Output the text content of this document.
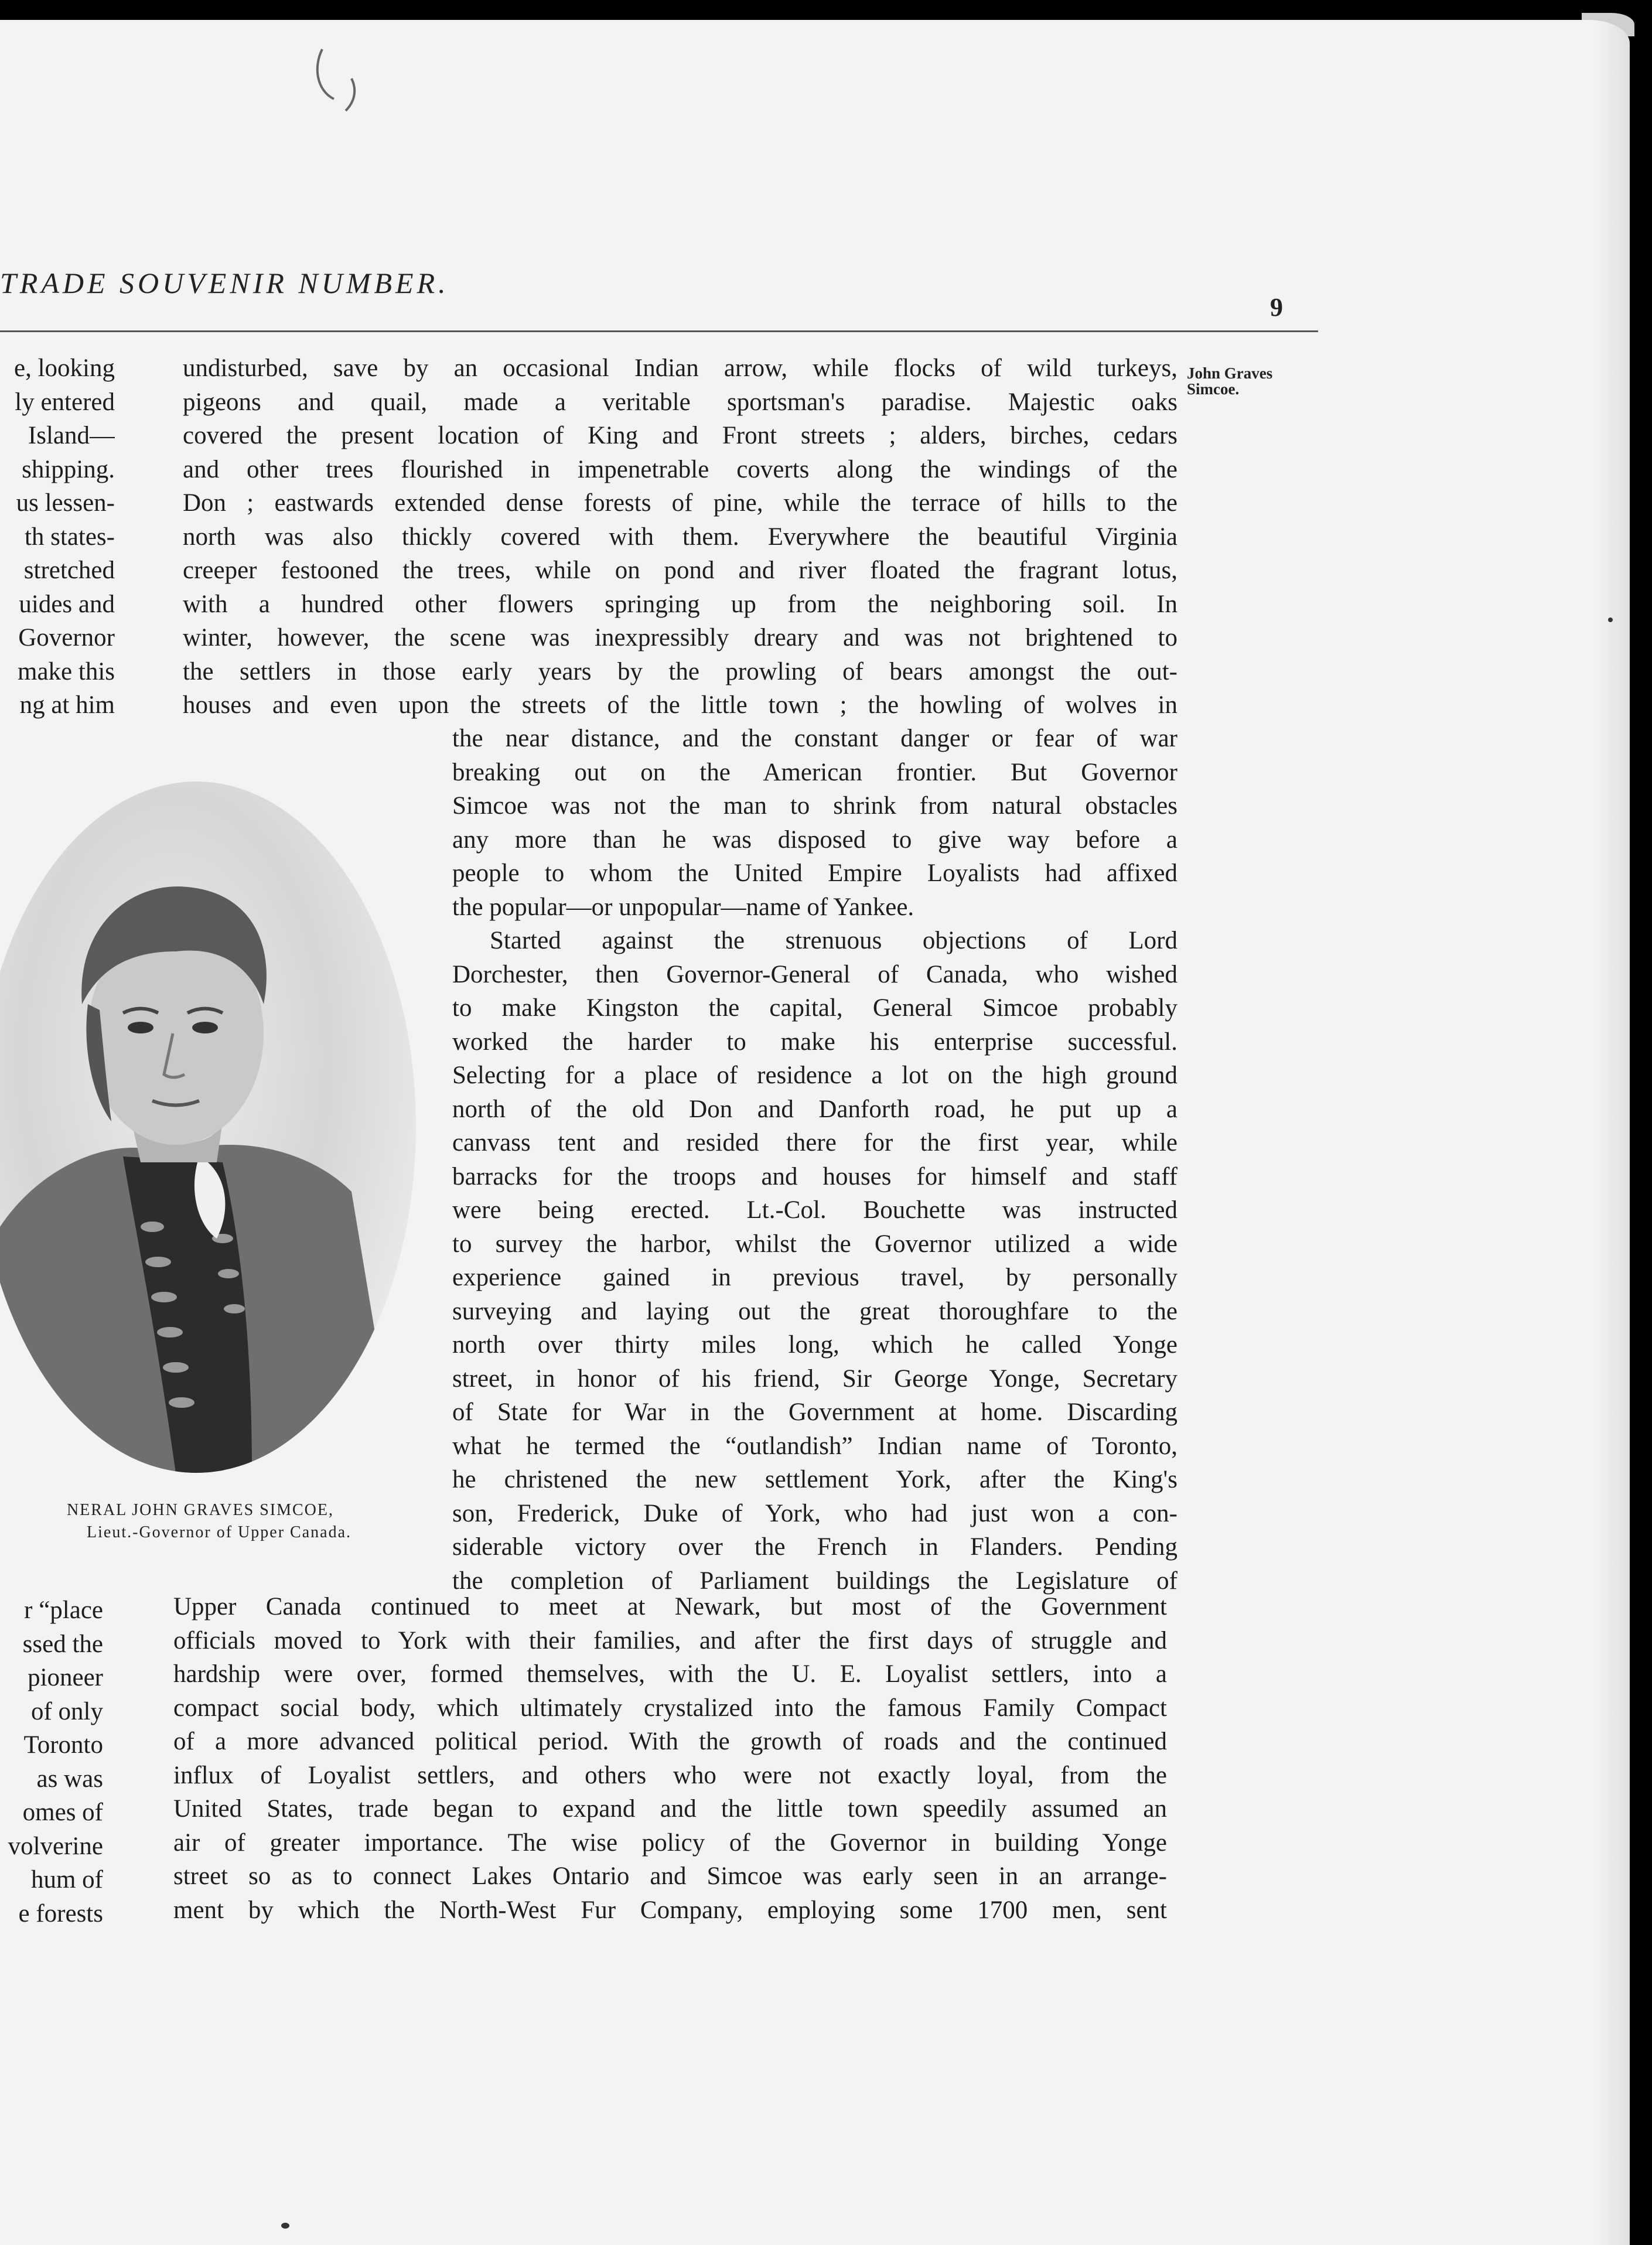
TRADE SOUVENIR NUMBER.
9
John Graves
Simcoe.
e, looking
ly entered
Island—
shipping.
us lessen-
th states-
stretched
uides and
Governor
make this
ng at him
NERAL JOHN GRAVES SIMCOE,
Lieut.-Governor of Upper Canada.
undisturbed, save by an occasional Indian arrow, while flocks of wild turkeys,
pigeons and quail, made a veritable sportsman's paradise. Majestic oaks
covered the present location of King and Front streets ; alders, birches, cedars
and other trees flourished in impenetrable coverts along the windings of the
Don ; eastwards extended dense forests of pine, while the terrace of hills to the
north was also thickly covered with them. Everywhere the beautiful Virginia
creeper festooned the trees, while on pond and river floated the fragrant lotus,
with a hundred other flowers springing up from the neighboring soil. In
winter, however, the scene was inexpressibly dreary and was not brightened to
the settlers in those early years by the prowling of bears amongst the out-
houses and even upon the streets of the little town ; the howling of wolves in
the near distance, and the constant danger or fear of war
breaking out on the American frontier. But Governor
Simcoe was not the man to shrink from natural obstacles
any more than he was disposed to give way before a
people to whom the United Empire Loyalists had affixed
the popular—or unpopular—name of Yankee.
Started against the strenuous objections of Lord
Dorchester, then Governor-General of Canada, who wished
to make Kingston the capital, General Simcoe probably
worked the harder to make his enterprise successful.
Selecting for a place of residence a lot on the high ground
north of the old Don and Danforth road, he put up a
canvass tent and resided there for the first year, while
barracks for the troops and houses for himself and staff
were being erected. Lt.-Col. Bouchette was instructed
to survey the harbor, whilst the Governor utilized a wide
experience gained in previous travel, by personally
surveying and laying out the great thoroughfare to the
north over thirty miles long, which he called Yonge
street, in honor of his friend, Sir George Yonge, Secretary
of State for War in the Government at home. Discarding
what he termed the “outlandish” Indian name of Toronto,
he christened the new settlement York, after the King's
son, Frederick, Duke of York, who had just won a con-
siderable victory over the French in Flanders. Pending
the completion of Parliament buildings the Legislature of
r “place
ssed the
pioneer
of only
Toronto
as was
omes of
volverine
hum of
e forests
Upper Canada continued to meet at Newark, but most of the Government
officials moved to York with their families, and after the first days of struggle and
hardship were over, formed themselves, with the U. E. Loyalist settlers, into a
compact social body, which ultimately crystalized into the famous Family Compact
of a more advanced political period. With the growth of roads and the continued
influx of Loyalist settlers, and others who were not exactly loyal, from the
United States, trade began to expand and the little town speedily assumed an
air of greater importance. The wise policy of the Governor in building Yonge
street so as to connect Lakes Ontario and Simcoe was early seen in an arrange-
ment by which the North-West Fur Company, employing some 1700 men, sent
